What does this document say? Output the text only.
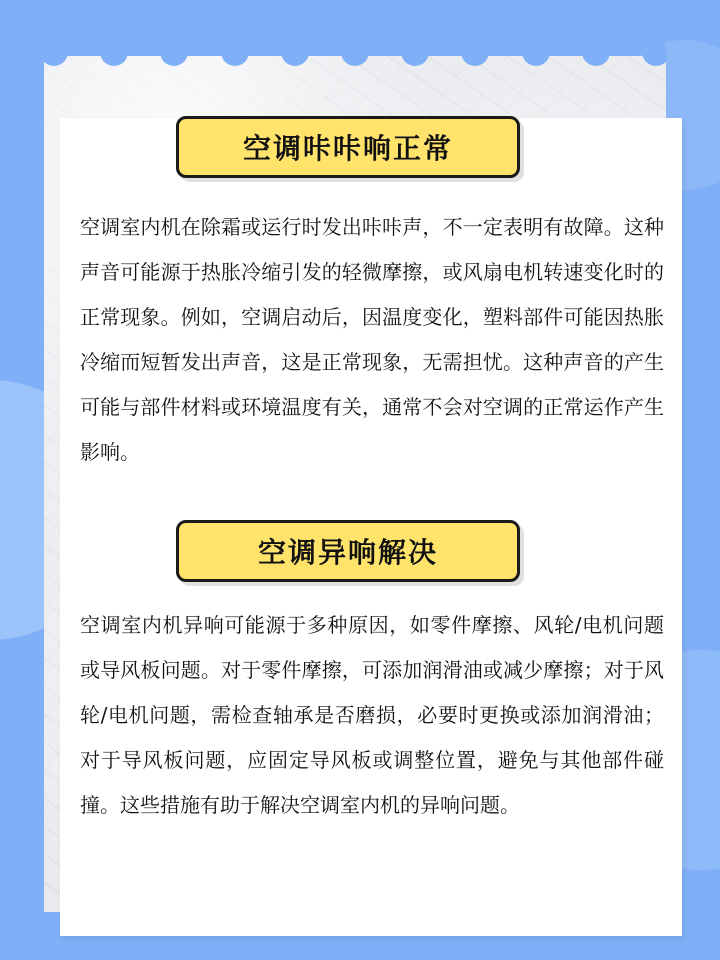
空调咔咔响正常
空调室内机在除霜或运行时发出咔咔声，不一定表明有故障。这种声音可能源于热胀冷缩引发的轻微摩擦，或风扇电机转速变化时的正常现象。例如，空调启动后，因温度变化，塑料部件可能因热胀冷缩而短暂发出声音，这是正常现象，无需担忧。这种声音的产生可能与部件材料或环境温度有关，通常不会对空调的正常运作产生影响。
空调异响解决
空调室内机异响可能源于多种原因，如零件摩擦、风轮/电机问题或导风板问题。对于零件摩擦，可添加润滑油或减少摩擦；对于风轮/电机问题，需检查轴承是否磨损，必要时更换或添加润滑油；对于导风板问题，应固定导风板或调整位置，避免与其他部件碰撞。这些措施有助于解决空调室内机的异响问题。
